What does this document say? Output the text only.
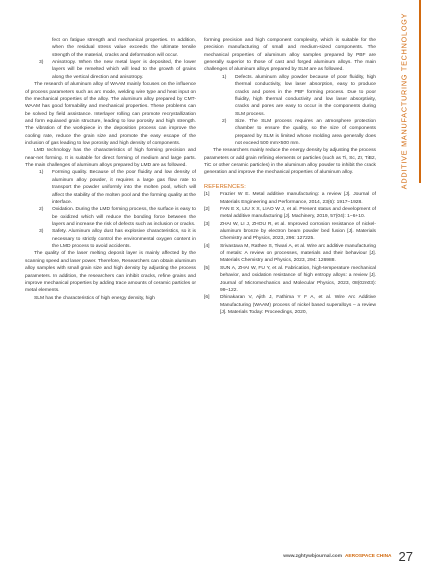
ADDITIVE MANUFACTURING TECHNOLOGY
fect on fatigue strength and mechanical properties. In addition, when the residual stress value exceeds the ultimate tensile strength of the material, cracks and deformation will occur.
3) Anisotropy. When the new metal layer is deposited, the lower layers will be remelted which will lead to the growth of grains along the vertical direction and anisotropy.

The research of aluminum alloy of WAAM mainly focuses on the influence of process parameters such as arc mode, welding wire type and heat input on the mechanical properties of the alloy. The aluminum alloy prepared by CMT-WAAM has good formability and mechanical properties. These problems can be solved by field assistance. Interlayer rolling can promote recrystallization and form equiaxed grain structure, leading to low porosity and high strength. The vibration of the workpiece in the deposition process can improve the cooling rate, reduce the grain size and promote the easy escape of the inclusion of gas leading to low porosity and high density of components.

LMD technology has the characteristics of high forming precision and near-net forming. It is suitable for direct forming of medium and large parts. The main challenges of aluminum alloys prepared by LMD are as followed.

1) Forming quality. Because of the poor fluidity and low density of aluminum alloy powder, it requires a large gas flow rate to transport the powder uniformly into the molten pool, which will affect the stability of the molten pool and the forming quality at the interface.
2) Oxidation. During the LMD forming process, the surface is easy to be oxidized which will reduce the bonding force between the layers and increase the risk of defects such as inclusion or cracks.
3) Safety. Aluminum alloy dust has explosive characteristics, so it is necessary to strictly control the environmental oxygen content in the LMD process to avoid accidents.

The quality of the laser melting deposit layer is mainly affected by the scanning speed and laser power. Therefore, Researchers can obtain aluminum alloy samples with small grain size and high density by adjusting the process parameters. In addition, the researchers can inhibit cracks, refine grains and improve mechanical properties by adding trace amounts of ceramic particles or metal elements.

SLM has the characteristics of high energy density, high

forming precision and high component complexity, which is suitable for the precision manufacturing of small and medium-sized components. The mechanical properties of aluminum alloy samples prepared by PBF are generally superior to those of cast and forged aluminum alloys. The main challenges of aluminum alloys prepared by SLM are as followed.

1) Defects. aluminum alloy powder because of poor fluidity, high thermal conductivity, low laser absorption, easy to produce cracks and pores in the PBF forming process. Due to poor fluidity, high thermal conductivity and low laser absorptivity, cracks and pores are easy to occur in the components during SLM process.
2) Size. The SLM process requires an atmosphere protection chamber to ensure the quality, so the size of components prepared by SLM is limited whose molding area generally does not exceed 500 mm×500 mm.

The researchers mainly reduce the energy density by adjusting the process parameters or add grain refining elements or particles (such as Ti, Sc, Zr, TiB2, TiC or other ceramic particles) in the aluminum alloy powder to inhibit the crack generation and improve the mechanical properties of aluminum alloy.

REFERENCES:
[1] Frazier W E. Metal additive manufacturing: a review [J]. Journal of Materials Engineering and Performance, 2014, 23(6): 1917−1928.
[2] FAN E X, LIU X X, LIAO W J, et al. Present status and development of metal additive manufacturing [J]. Machinery, 2019, 57(04): 1−6+10.
[3] ZHAI W, LI J, ZHOU R, et al. Improved corrosion resistance of nickel-aluminum bronze by electron beam powder bed fusion [J]. Materials Chemistry and Physics, 2023, 296: 127225.
[4] Srivastava M, Rathee S, Tiwari A, et al. Wire arc additive manufacturing of metals: A review on processes, materials and their behaviour [J]. Materials Chemistry and Physics, 2023, 294: 126988.
[5] SUN A, ZHAI W, FU Y, et al. Fabrication, high-temperature mechanical behavior, and oxidation resistance of high entropy alloys: a review [J]. Journal of Micromechanics and Molecular Physics, 2023, 08(02n03): 99−122.
[6] Dhinakaran V, Ajith J, Fathima Y F A, et al. Wire Arc Additive Manufacturing (WAAM) process of nickel based superalloys – a review [J]. Materials Today: Proceedings, 2020,
www.zghtywbjournal.com AEROSPACE CHINA 27
